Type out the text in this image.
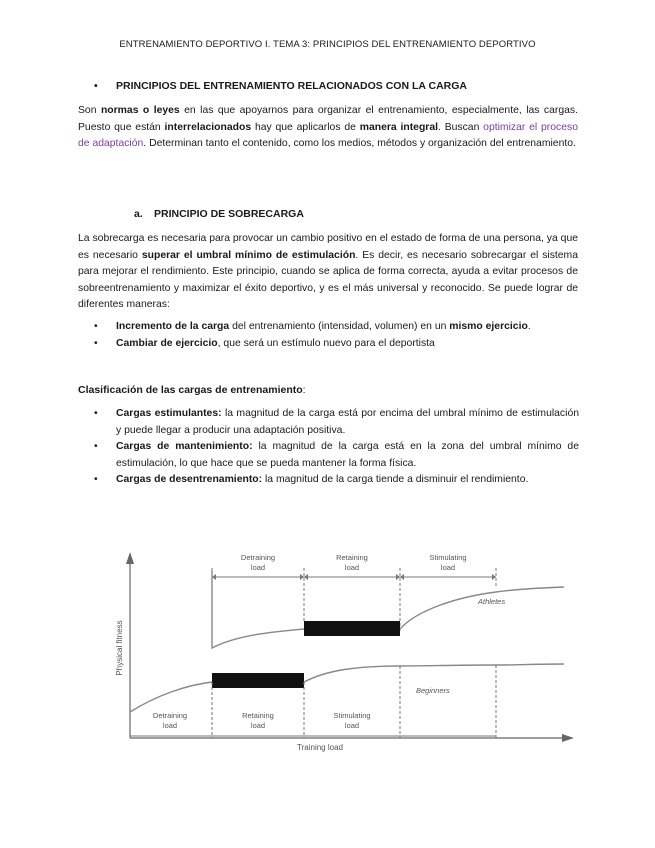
ENTRENAMIENTO DEPORTIVO I. TEMA 3: PRINCIPIOS DEL ENTRENAMIENTO DEPORTIVO
• PRINCIPIOS DEL ENTRENAMIENTO RELACIONADOS CON LA CARGA

Son normas o leyes en las que apoyarnos para organizar el entrenamiento, especialmente, las cargas. Puesto que están interrelacionados hay que aplicarlos de manera integral. Buscan optimizar el proceso de adaptación. Determinan tanto el contenido, como los medios, métodos y organización del entrenamiento.

a. PRINCIPIO DE SOBRECARGA

La sobrecarga es necesaria para provocar un cambio positivo en el estado de forma de una persona, ya que es necesario superar el umbral mínimo de estimulación. Es decir, es necesario sobrecargar el sistema para mejorar el rendimiento. Este principio, cuando se aplica de forma correcta, ayuda a evitar procesos de sobreentrenamiento y maximizar el éxito deportivo, y es el más universal y reconocido. Se puede lograr de diferentes maneras:

• Incremento de la carga del entrenamiento (intensidad, volumen) en un mismo ejercicio.
• Cambiar de ejercicio, que será un estímulo nuevo para el deportista
Clasificación de las cargas de entrenamiento:
• Cargas estimulantes: la magnitud de la carga está por encima del umbral mínimo de estimulación y puede llegar a producir una adaptación positiva.
• Cargas de mantenimiento: la magnitud de la carga está en la zona del umbral mínimo de estimulación, lo que hace que se pueda mantener la forma física.
• Cargas de desentrenamiento: la magnitud de la carga tiende a disminuir el rendimiento.
Physical fitness
Training load
Detraining
load
Retaining
load
Stimulating
load
Athletes
Beginners
Detraining
load
Retaining
load
Stimulating
load
